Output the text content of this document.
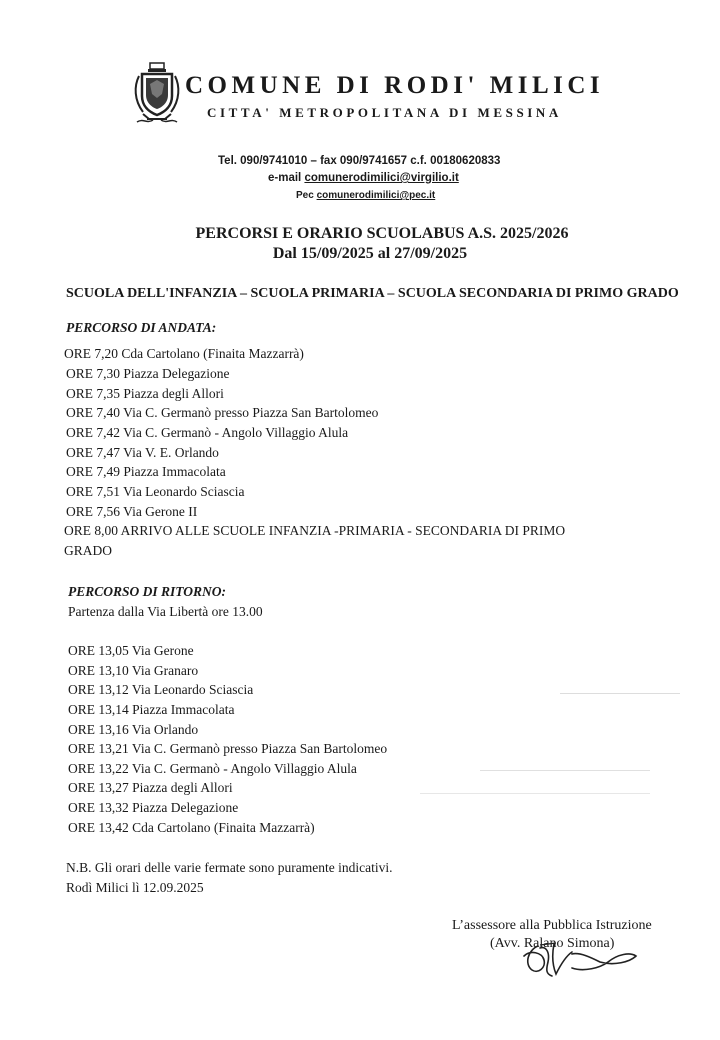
COMUNE DI RODI' MILICI
CITTA' METROPOLITANA DI MESSINA
Tel. 090/9741010 – fax 090/9741657 c.f. 00180620833
e-mail comunerodimilici@virgilio.it
Pec comunerodimilici@pec.it
PERCORSI E ORARIO SCUOLABUS A.S. 2025/2026
Dal 15/09/2025 al 27/09/2025
SCUOLA DELL'INFANZIA – SCUOLA PRIMARIA – SCUOLA SECONDARIA DI PRIMO GRADO
PERCORSO DI ANDATA:
ORE 7,20 Cda Cartolano (Finaita Mazzarrà)
ORE 7,30 Piazza Delegazione
ORE 7,35 Piazza degli Allori
ORE 7,40 Via C. Germanò presso Piazza San Bartolomeo
ORE 7,42 Via C. Germanò - Angolo Villaggio Alula
ORE 7,47 Via V. E. Orlando
ORE 7,49 Piazza Immacolata
ORE 7,51 Via Leonardo Sciascia
ORE 7,56 Via Gerone II
ORE 8,00 ARRIVO ALLE SCUOLE INFANZIA -PRIMARIA - SECONDARIA DI PRIMO
GRADO
PERCORSO DI RITORNO:
Partenza dalla Via Libertà ore 13.00
ORE 13,05 Via Gerone
ORE 13,10 Via Granaro
ORE 13,12 Via Leonardo Sciascia
ORE 13,14 Piazza Immacolata
ORE 13,16 Via Orlando
ORE 13,21 Via C. Germanò presso Piazza San Bartolomeo
ORE 13,22 Via C. Germanò - Angolo Villaggio Alula
ORE 13,27 Piazza degli Allori
ORE 13,32 Piazza Delegazione
ORE 13,42 Cda Cartolano (Finaita Mazzarrà)
N.B. Gli orari delle varie fermate sono puramente indicativi.
Rodì Milici lì 12.09.2025
L’assessore alla Pubblica Istruzione
(Avv. Ralano Simona)
